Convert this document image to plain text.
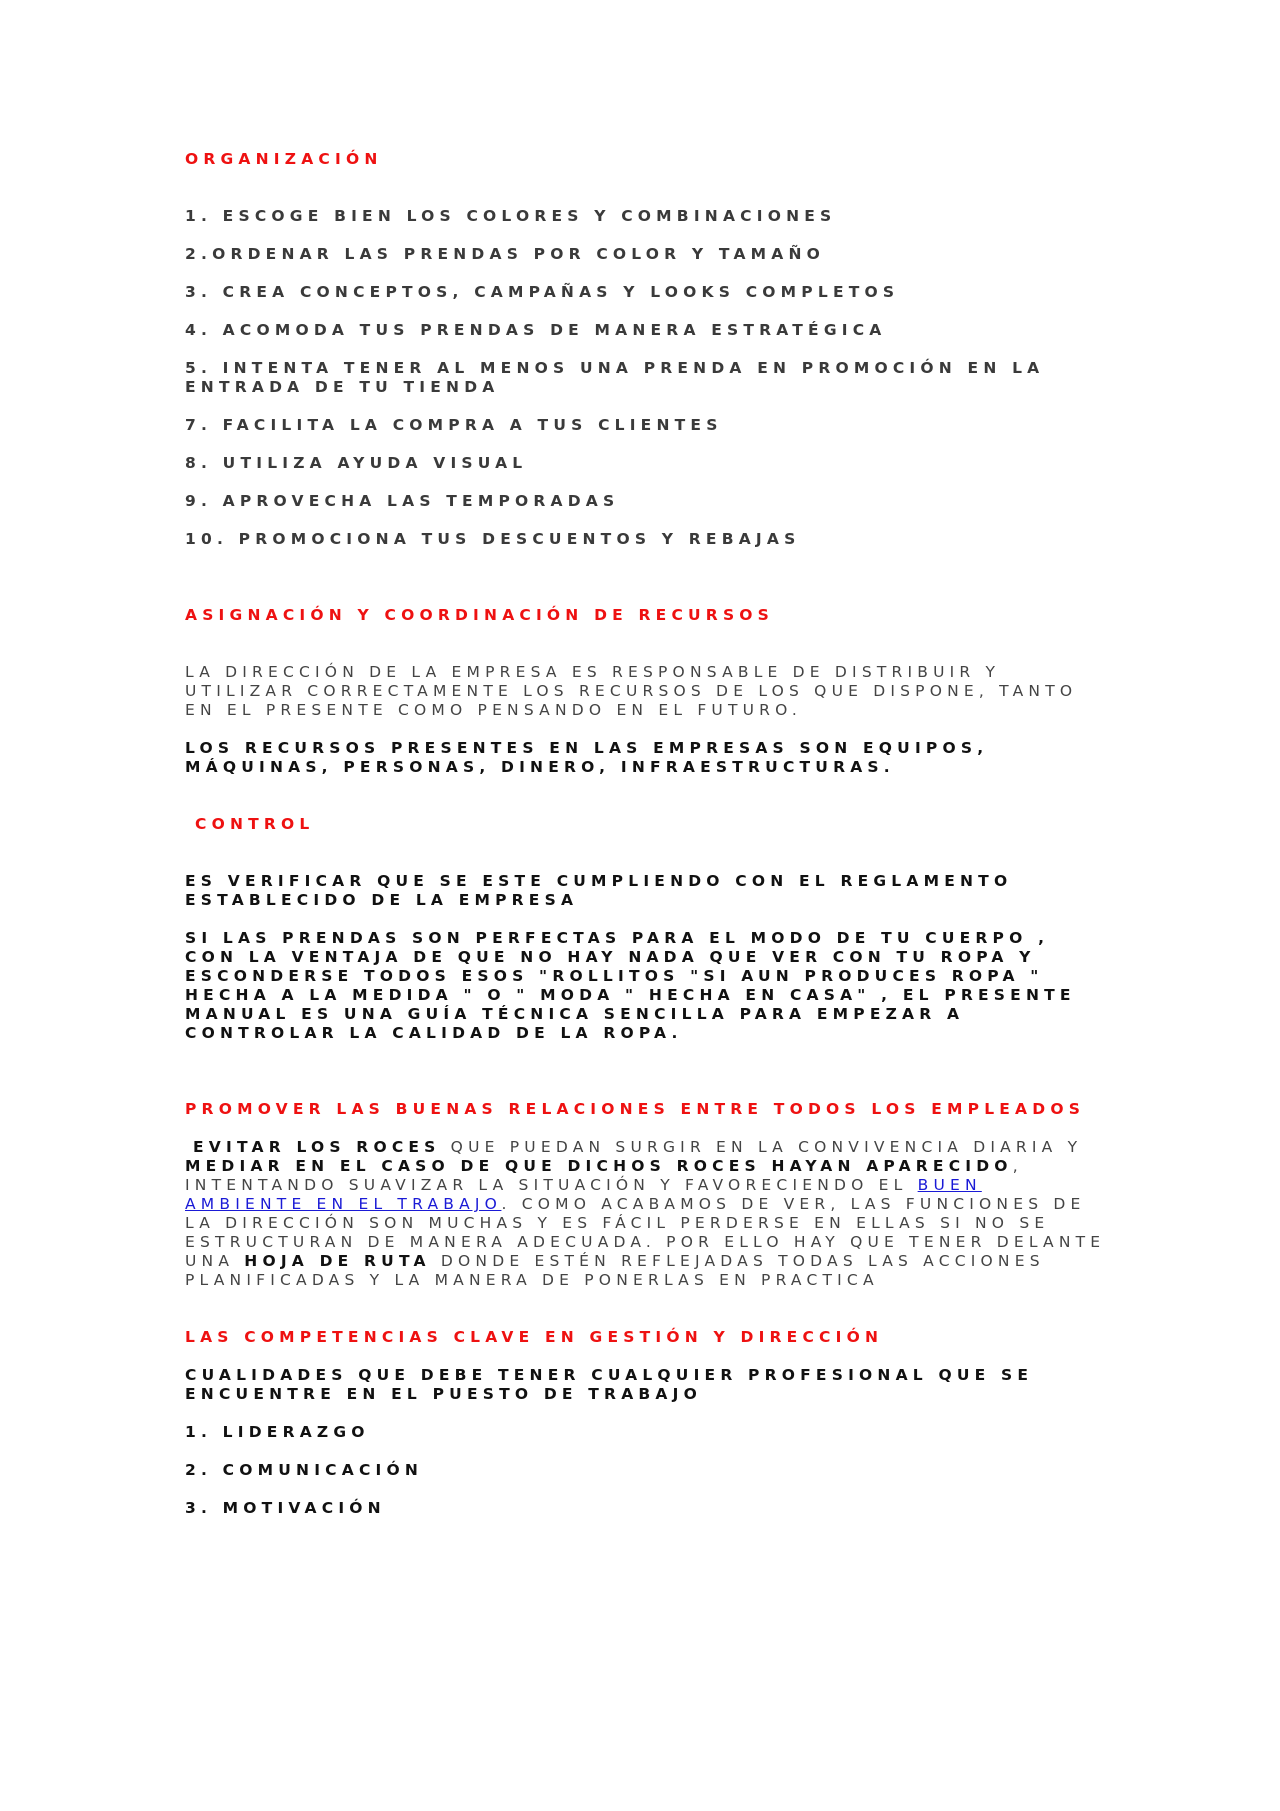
ORGANIZACIÓN

1. ESCOGE BIEN LOS COLORES Y COMBINACIONES

2.ORDENAR LAS PRENDAS POR COLOR Y TAMAÑO

3. CREA CONCEPTOS, CAMPAÑAS Y LOOKS COMPLETOS

4. ACOMODA TUS PRENDAS DE MANERA ESTRATÉGICA

5. INTENTA TENER AL MENOS UNA PRENDA EN PROMOCIÓN EN LA ENTRADA DE TU TIENDA

7. FACILITA LA COMPRA A TUS CLIENTES

8. UTILIZA AYUDA VISUAL

9. APROVECHA LAS TEMPORADAS

10. PROMOCIONA TUS DESCUENTOS Y REBAJAS

ASIGNACIÓN Y COORDINACIÓN DE RECURSOS

LA DIRECCIÓN DE LA EMPRESA ES RESPONSABLE DE DISTRIBUIR Y UTILIZAR CORRECTAMENTE LOS RECURSOS DE LOS QUE DISPONE, TANTO EN EL PRESENTE COMO PENSANDO EN EL FUTURO.

LOS RECURSOS PRESENTES EN LAS EMPRESAS SON EQUIPOS, MÁQUINAS, PERSONAS, DINERO, INFRAESTRUCTURAS.

CONTROL

ES VERIFICAR QUE SE ESTE CUMPLIENDO CON EL REGLAMENTO ESTABLECIDO DE LA EMPRESA

SI LAS PRENDAS SON PERFECTAS PARA EL MODO DE TU CUERPO , CON LA VENTAJA DE QUE NO HAY NADA QUE VER CON TU ROPA Y ESCONDERSE TODOS ESOS "ROLLITOS "SI AUN PRODUCES ROPA " HECHA A LA MEDIDA " O " MODA " HECHA EN CASA" , EL PRESENTE MANUAL ES UNA GUÍA TÉCNICA SENCILLA PARA EMPEZAR A CONTROLAR LA CALIDAD DE LA ROPA.

PROMOVER LAS BUENAS RELACIONES ENTRE TODOS LOS EMPLEADOS

EVITAR LOS ROCES QUE PUEDAN SURGIR EN LA CONVIVENCIA DIARIA Y MEDIAR EN EL CASO DE QUE DICHOS ROCES HAYAN APARECIDO, INTENTANDO SUAVIZAR LA SITUACIÓN Y FAVORECIENDO EL BUEN AMBIENTE EN EL TRABAJO. COMO ACABAMOS DE VER, LAS FUNCIONES DE LA DIRECCIÓN SON MUCHAS Y ES FÁCIL PERDERSE EN ELLAS SI NO SE ESTRUCTURAN DE MANERA ADECUADA. POR ELLO HAY QUE TENER DELANTE UNA HOJA DE RUTA DONDE ESTÉN REFLEJADAS TODAS LAS ACCIONES PLANIFICADAS Y LA MANERA DE PONERLAS EN PRACTICA

LAS COMPETENCIAS CLAVE EN GESTIÓN Y DIRECCIÓN

CUALIDADES QUE DEBE TENER CUALQUIER PROFESIONAL QUE SE ENCUENTRE EN EL PUESTO DE TRABAJO

1. LIDERAZGO

2. COMUNICACIÓN

3. MOTIVACIÓN
